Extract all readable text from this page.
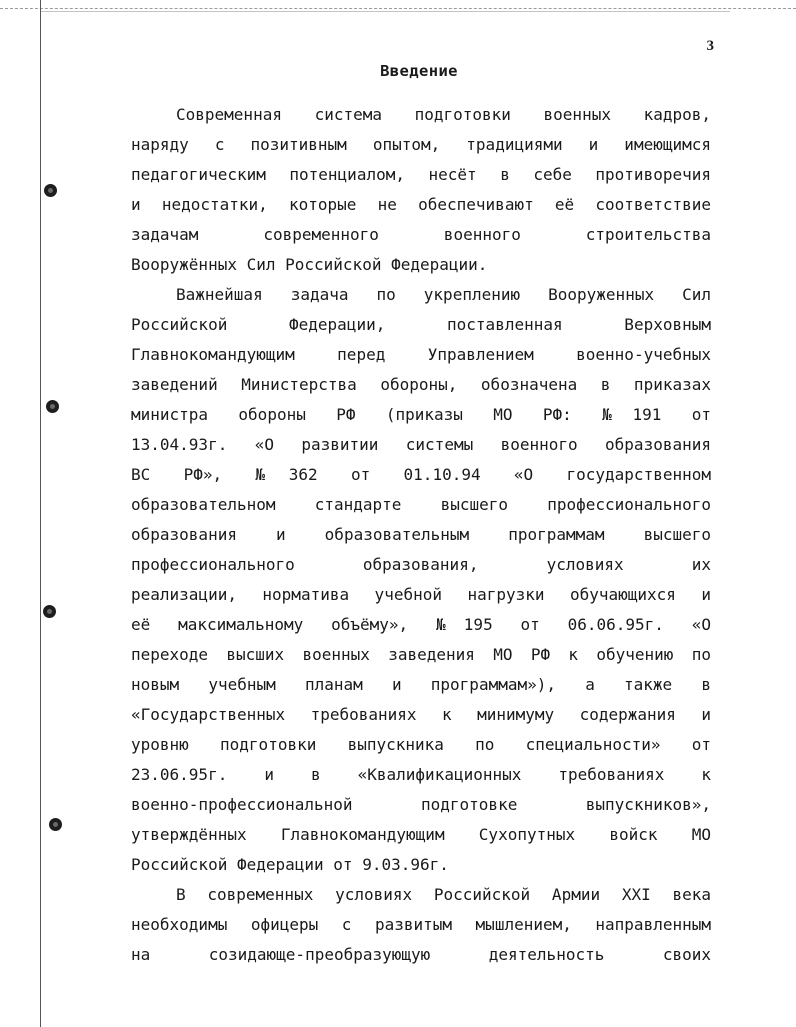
3
Введение
Современная система подготовки военных кадров,
наряду с позитивным опытом, традициями и имеющимся
педагогическим потенциалом, несёт в себе противоречия
и недостатки, которые не обеспечивают её соответствие
задачам современного военного строительства
Вооружённых Сил Российской Федерации.
Важнейшая задача по укреплению Вооруженных Сил
Российской Федерации, поставленная Верховным
Главнокомандующим перед Управлением военно-учебных
заведений Министерства обороны, обозначена в приказах
министра обороны РФ (приказы МО РФ: №191 от
13.04.93г. «О развитии системы военного образования
ВС РФ», №362 от 01.10.94 «О государственном
образовательном стандарте высшего профессионального
образования и образовательным программам высшего
профессионального образования, условиях их
реализации, норматива учебной нагрузки обучающихся и
её максимальному объёму», №195 от 06.06.95г. «О
переходе высших военных заведения МО РФ к обучению по
новым учебным планам и программам»), а также в
«Государственных требованиях к минимуму содержания и
уровню подготовки выпускника по специальности» от
23.06.95г. и в «Квалификационных требованиях к
военно-профессиональной подготовке выпускников»,
утверждённых Главнокомандующим Сухопутных войск МО
Российской Федерации от 9.03.96г.
В современных условиях Российской Армии XXI века
необходимы офицеры с развитым мышлением, направленным
на созидающе-преобразующую деятельность своих
